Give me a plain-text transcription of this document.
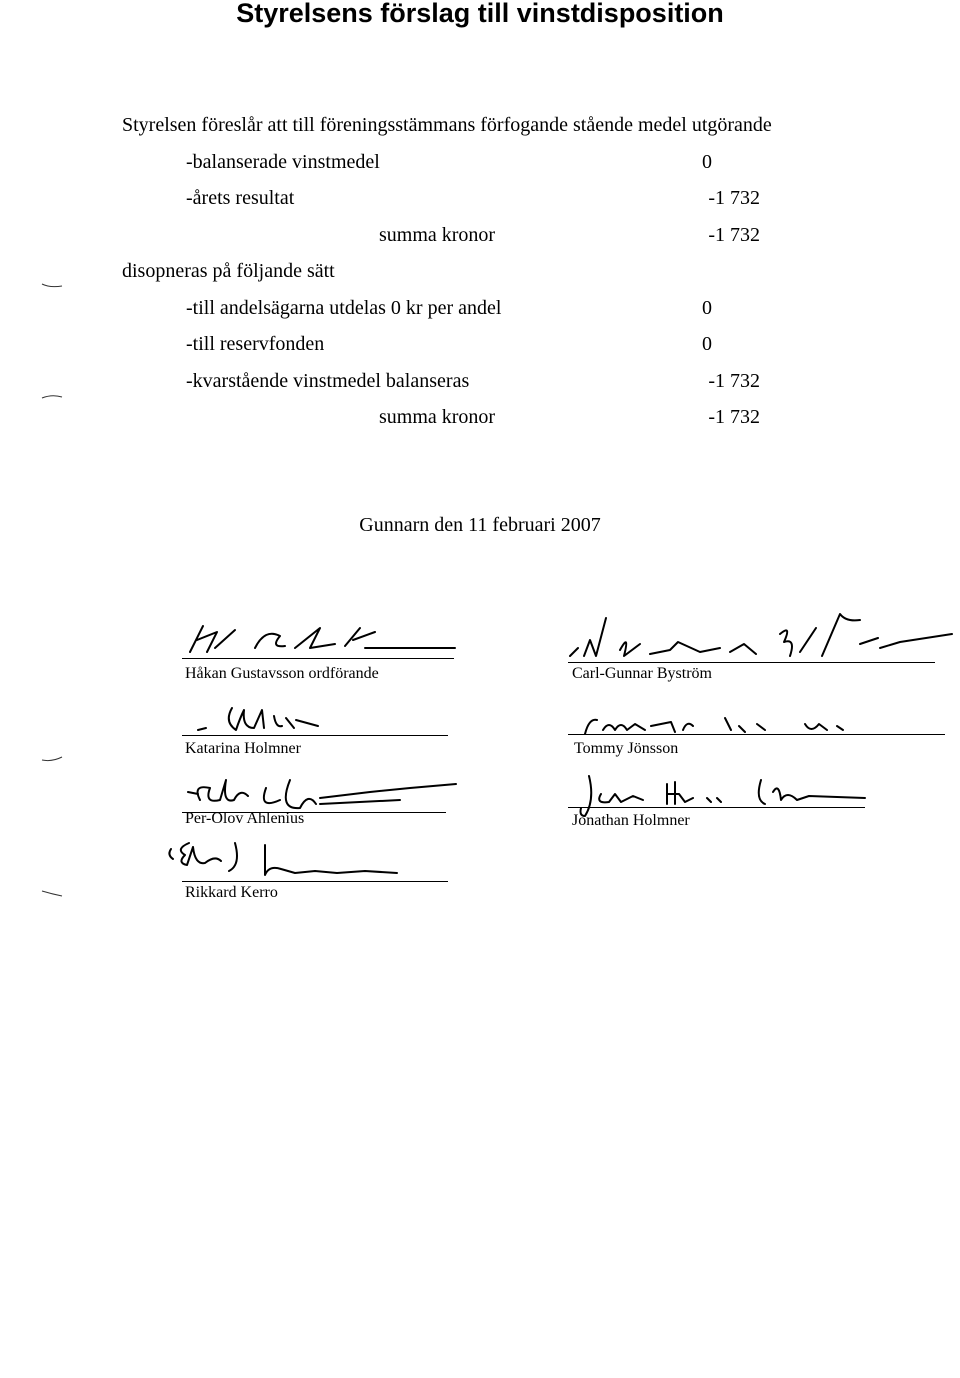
Styrelsens förslag till vinstdisposition
Styrelsen föreslår att till föreningsstämmans förfogande stående medel utgörande
-balanserade vinstmedel	0
-årets resultat	-1 732
summa kronor	-1 732
disopneras på följande sätt
-till andelsägarna utdelas 0 kr per andel	0
-till reservfonden	0
-kvarstående vinstmedel balanseras	-1 732
summa kronor	-1 732
Gunnarn den 11 februari 2007
Håkan Gustavsson ordförande
Katarina Holmner
Per-Olov Ahlenius
Rikkard Kerro
Carl-Gunnar Byström
Tommy Jönsson
Jonathan Holmner
